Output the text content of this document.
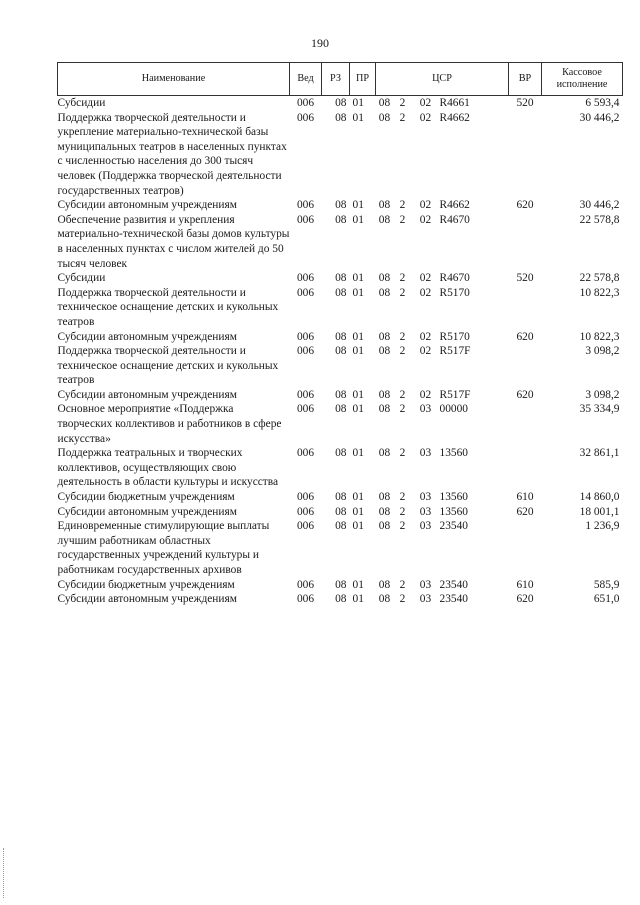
190
Наименование	Вед	РЗ	ПР	ЦСР	ВР	Кассовое исполнение
Субсидии	006	08	01	08 2 02 R4661	520	6 593,4
Поддержка творческой деятельности и укрепление материально-технической базы муниципальных театров в населенных пунктах с численностью населения до 300 тысяч человек (Поддержка творческой деятельности государственных театров)	006	08	01	08 2 02 R4662		30 446,2
Субсидии автономным учреждениям	006	08	01	08 2 02 R4662	620	30 446,2
Обеспечение развития и укрепления материально-технической базы домов культуры в населенных пунктах с числом жителей до 50 тысяч человек	006	08	01	08 2 02 R4670		22 578,8
Субсидии	006	08	01	08 2 02 R4670	520	22 578,8
Поддержка творческой деятельности и техническое оснащение детских и кукольных театров	006	08	01	08 2 02 R5170		10 822,3
Субсидии автономным учреждениям	006	08	01	08 2 02 R5170	620	10 822,3
Поддержка творческой деятельности и техническое оснащение детских и кукольных театров	006	08	01	08 2 02 R517F		3 098,2
Субсидии автономным учреждениям	006	08	01	08 2 02 R517F	620	3 098,2
Основное мероприятие «Поддержка творческих коллективов и работников в сфере искусства»	006	08	01	08 2 03 00000		35 334,9
Поддержка театральных и творческих коллективов, осуществляющих свою деятельность в области культуры и искусства	006	08	01	08 2 03 13560		32 861,1
Субсидии бюджетным учреждениям	006	08	01	08 2 03 13560	610	14 860,0
Субсидии автономным учреждениям	006	08	01	08 2 03 13560	620	18 001,1
Единовременные стимулирующие выплаты лучшим работникам областных государственных учреждений культуры и работникам государственных архивов	006	08	01	08 2 03 23540		1 236,9
Субсидии бюджетным учреждениям	006	08	01	08 2 03 23540	610	585,9
Субсидии автономным учреждениям	006	08	01	08 2 03 23540	620	651,0
